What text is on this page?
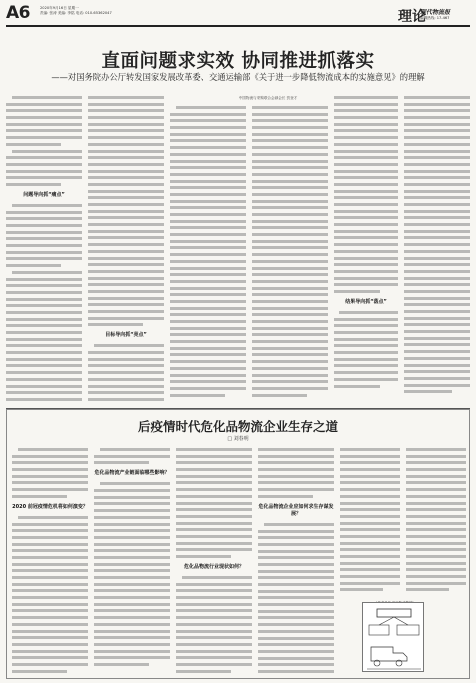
A6	2020年9月16日 星期一
责编: 张涛 美编: 李铭 电话: 010-65362047	理论
现代物流报
编辑热线: 17-467
直面问题求实效 协同推进抓落实
——对国务院办公厅转发国家发展改革委、交通运输部《关于进一步降低物流成本的实施意见》的理解
问题导向抓“痛点”
目标导向抓“亮点”
中国物流与采购联合会副会长 贺登才
结果导向抓“落点”
后疫情时代危化品物流企业生存之道
□ 刘春明
2020 前冠疫情危机将如何演变？
危化品物流产业链面临哪些影响？
危化品物流行业现状如何？
危化品物流企业应如何求生存谋发展？
